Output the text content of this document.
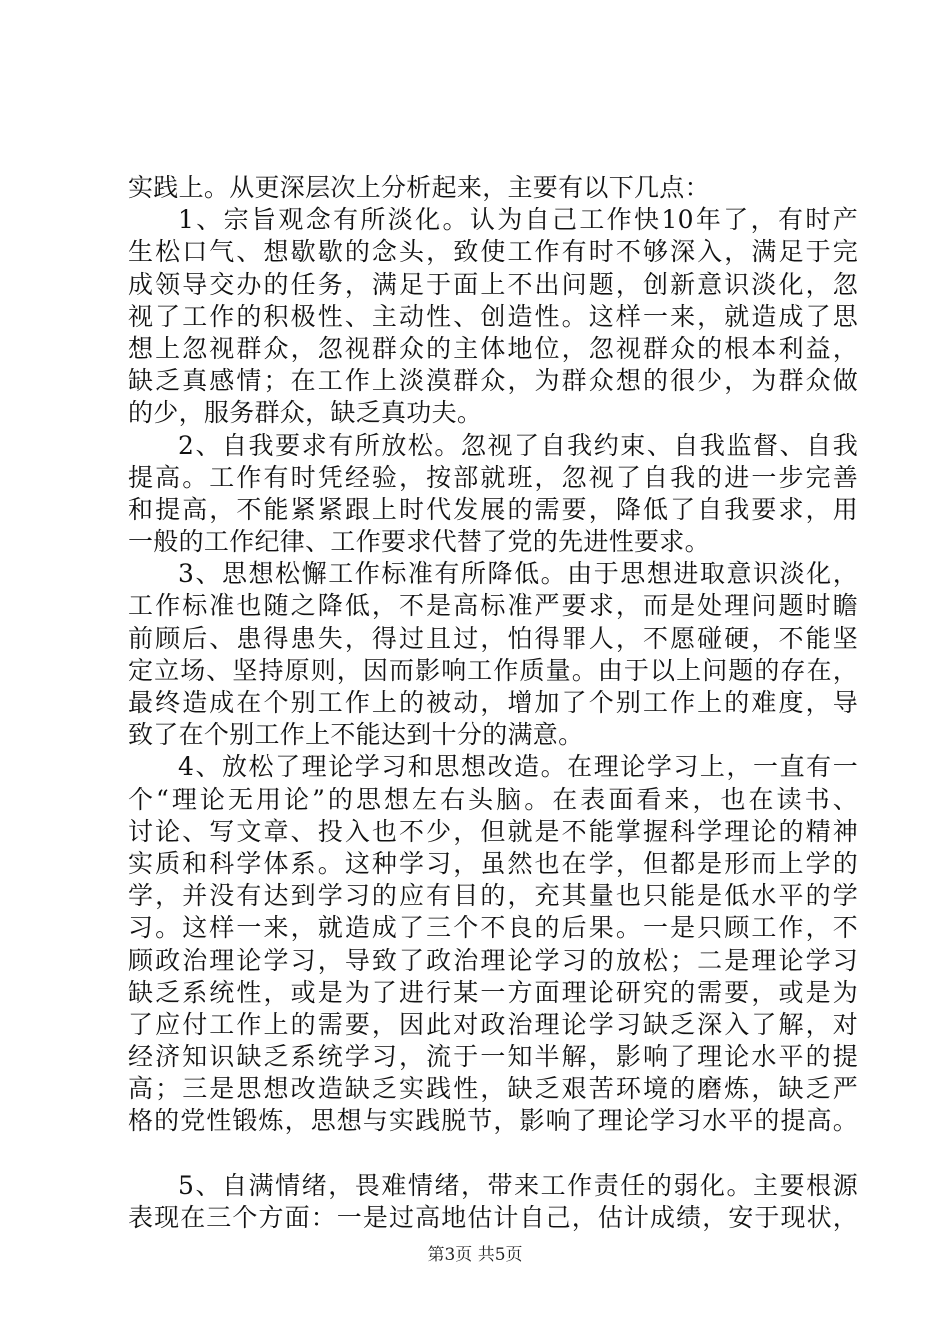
实践上。从更深层次上分析起来，主要有以下几点：
1、宗旨观念有所淡化。认为自己工作快10年了，有时产
生松口气、想歇歇的念头，致使工作有时不够深入，满足于完
成领导交办的任务，满足于面上不出问题，创新意识淡化，忽
视了工作的积极性、主动性、创造性。这样一来，就造成了思
想上忽视群众，忽视群众的主体地位，忽视群众的根本利益，
缺乏真感情；在工作上淡漠群众，为群众想的很少，为群众做
的少，服务群众，缺乏真功夫。
2、自我要求有所放松。忽视了自我约束、自我监督、自我
提高。工作有时凭经验，按部就班，忽视了自我的进一步完善
和提高，不能紧紧跟上时代发展的需要，降低了自我要求，用
一般的工作纪律、工作要求代替了党的先进性要求。
3、思想松懈工作标准有所降低。由于思想进取意识淡化，
工作标准也随之降低，不是高标准严要求，而是处理问题时瞻
前顾后、患得患失，得过且过，怕得罪人，不愿碰硬，不能坚
定立场、坚持原则，因而影响工作质量。由于以上问题的存在，
最终造成在个别工作上的被动，增加了个别工作上的难度，导
致了在个别工作上不能达到十分的满意。
4、放松了理论学习和思想改造。在理论学习上，一直有一
个“理论无用论”的思想左右头脑。在表面看来，也在读书、
讨论、写文章、投入也不少，但就是不能掌握科学理论的精神
实质和科学体系。这种学习，虽然也在学，但都是形而上学的
学，并没有达到学习的应有目的，充其量也只能是低水平的学
习。这样一来，就造成了三个不良的后果。一是只顾工作，不
顾政治理论学习，导致了政治理论学习的放松；二是理论学习
缺乏系统性，或是为了进行某一方面理论研究的需要，或是为
了应付工作上的需要，因此对政治理论学习缺乏深入了解，对
经济知识缺乏系统学习，流于一知半解，影响了理论水平的提
高；三是思想改造缺乏实践性，缺乏艰苦环境的磨炼，缺乏严
格的党性锻炼，思想与实践脱节，影响了理论学习水平的提高。
5、自满情绪，畏难情绪，带来工作责任的弱化。主要根源
表现在三个方面：一是过高地估计自己，估计成绩，安于现状，
第3页 共5页
